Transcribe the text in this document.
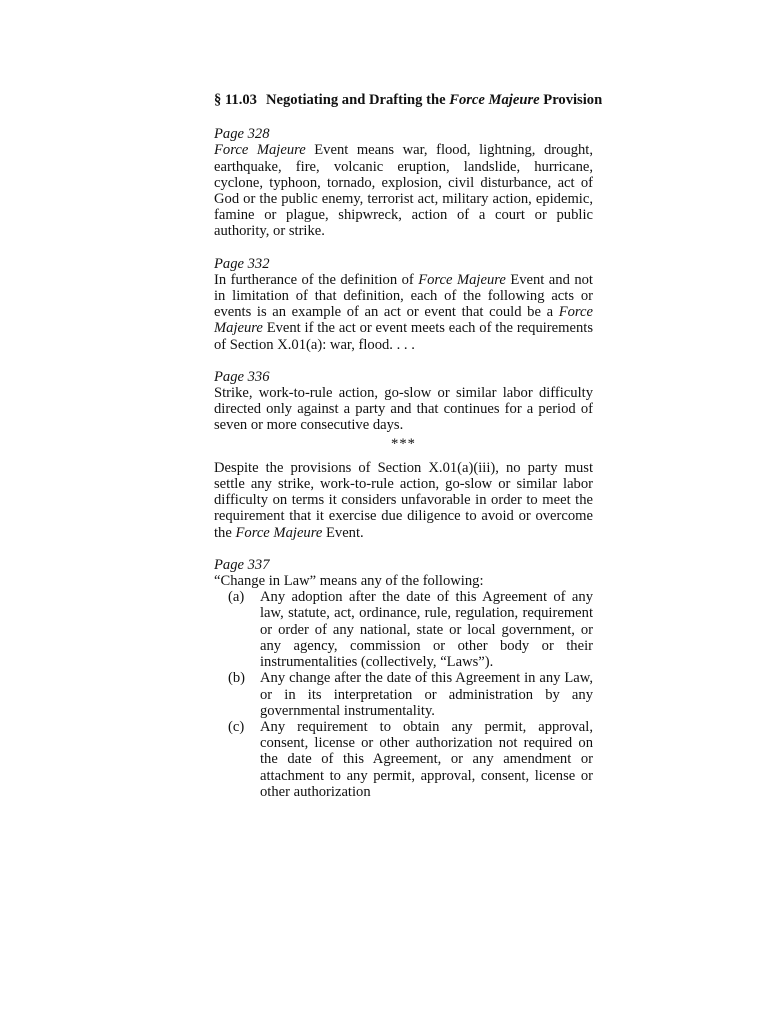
§ 11.03 Negotiating and Drafting the Force Majeure Provision

Page 328

Force Majeure Event means war, flood, lightning, drought, earthquake, fire, volcanic eruption, landslide, hurricane, cyclone, typhoon, tornado, explosion, civil disturbance, act of God or the public enemy, terrorist act, military action, epidemic, famine or plague, shipwreck, action of a court or public authority, or strike.

Page 332

In furtherance of the definition of Force Majeure Event and not in limitation of that definition, each of the following acts or events is an example of an act or event that could be a Force Majeure Event if the act or event meets each of the requirements of Section X.01(a): war, flood. . . .

Page 336

Strike, work-to-rule action, go-slow or similar labor difficulty directed only against a party and that continues for a period of seven or more consecutive days.

***

Despite the provisions of Section X.01(a)(iii), no party must settle any strike, work-to-rule action, go-slow or similar labor difficulty on terms it considers unfavorable in order to meet the requirement that it exercise due diligence to avoid or overcome the Force Majeure Event.

Page 337

“Change in Law” means any of the following:

(a)	Any adoption after the date of this Agreement of any law, statute, act, ordinance, rule, regulation, requirement or order of any national, state or local government, or any agency, commission or other body or their instrumentalities (collectively, “Laws”).
(b)	Any change after the date of this Agreement in any Law, or in its interpretation or administration by any governmental instrumentality.
(c)	Any requirement to obtain any permit, approval, consent, license or other authorization not required on the date of this Agreement, or any amendment or attachment to any permit, approval, consent, license or other authorization
